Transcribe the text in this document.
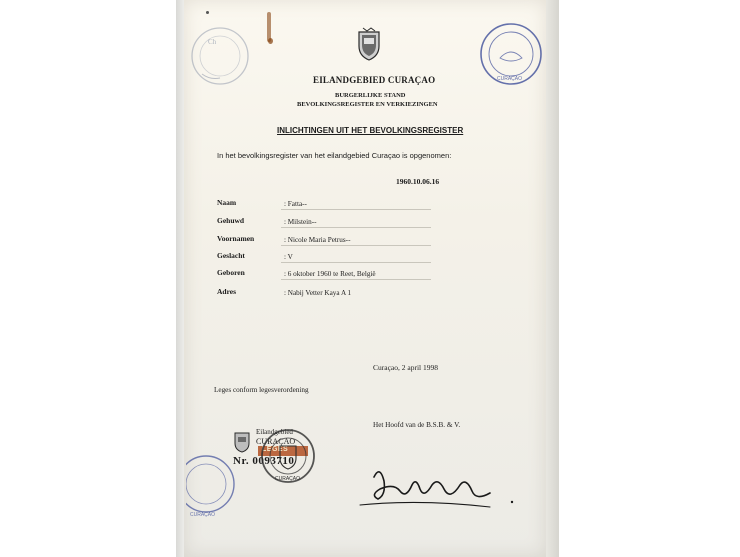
Ch
CURAÇAO
EILANDGEBIED CURAÇAO
BURGERLIJKE STAND
BEVOLKINGSREGISTER EN VERKIEZINGEN
INLICHTINGEN UIT HET BEVOLKINGSREGISTER
In het bevolkingsregister van het eilandgebied Curaçao is opgenomen:
1960.10.06.16
Naam	: Fatta--
Gehuwd	: Milstein--
Voornamen	: Nicole Maria Petrus--
Geslacht	: V
Geboren	: 6 oktober 1960 te Reet, België
Adres	: Nabij Vetter Kaya A 1
Curaçao, 2 april 1998
Leges conform legesverordening
Het Hoofd van de B.S.B. & V.
Eilandgebied
CURAÇAO
LEGES
Nr. 0093710
CURAÇAO
CURAÇAO
